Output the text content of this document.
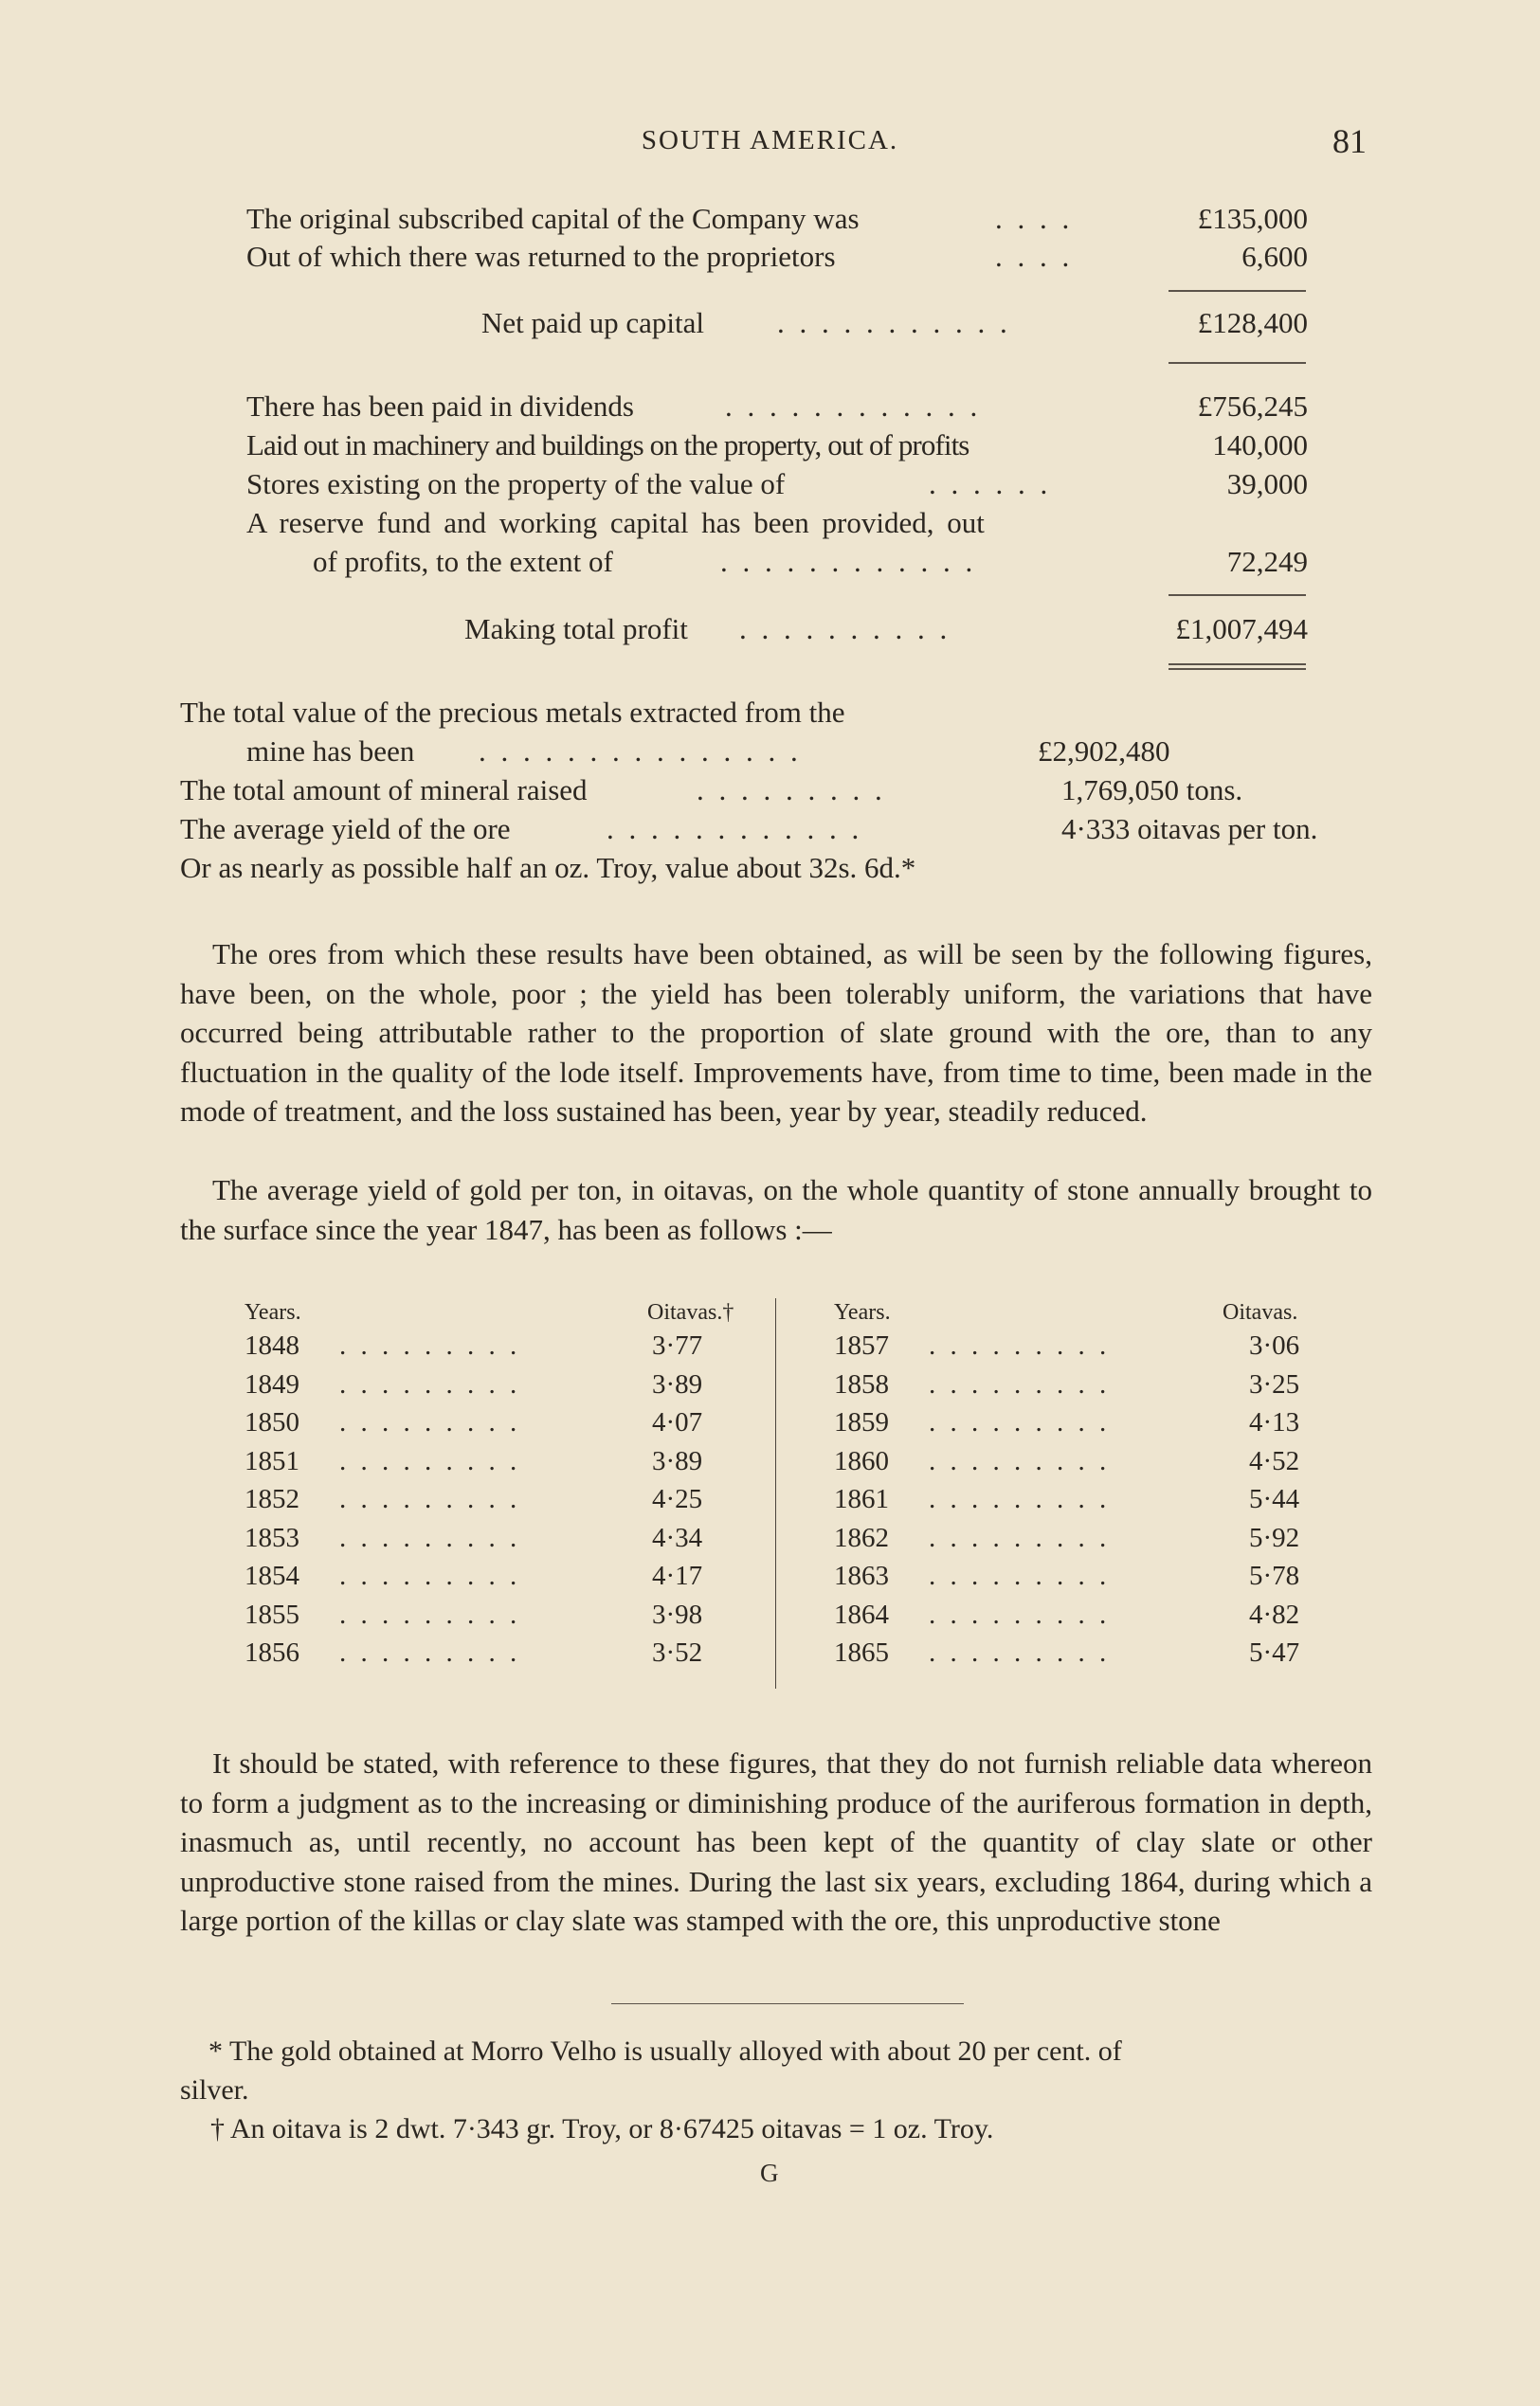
SOUTH AMERICA.	81
The original subscribed capital of the Company was	. . . .	£135,000
Out of which there was returned to the proprietors	. . . .	6,600
Net paid up capital . . . . . . . . . . .	£128,400
There has been paid in dividends	. . . . . . . . . . . .	£756,245
Laid out in machinery and buildings on the property, out of profits	140,000
Stores existing on the property of the value of	. . . . . .	39,000
A reserve fund and working capital has been provided, out
of profits, to the extent of	. . . . . . . . . . . .	72,249
Making total profit . . . . . . . . . .	£1,007,494
The total value of the precious metals extracted from the
mine has been . . . . . . . . . . . . . . .	£2,902,480
The total amount of mineral raised	. . . . . . . . .	1,769,050 tons.
The average yield of the ore	. . . . . . . . . . . .	4·333 oitavas per ton.
Or as nearly as possible half an oz. Troy, value about 32s. 6d.*
The ores from which these results have been obtained, as will be seen by the following figures, have been, on the whole, poor ; the yield has been tolerably uniform, the variations that have occurred being attributable rather to the proportion of slate ground with the ore, than to any fluctuation in the quality of the lode itself. Improvements have, from time to time, been made in the mode of treatment, and the loss sustained has been, year by year, steadily reduced.
The average yield of gold per ton, in oitavas, on the whole quantity of stone annually brought to the surface since the year 1847, has been as follows :—
Years.	Oitavas.†	Years.	Oitavas.
1848 . . . . . . . . .	3·77
1849 . . . . . . . . .	3·89
1850 . . . . . . . . .	4·07
1851 . . . . . . . . .	3·89
1852 . . . . . . . . .	4·25
1853 . . . . . . . . .	4·34
1854 . . . . . . . . .	4·17
1855 . . . . . . . . .	3·98
1856 . . . . . . . . .	3·52
1857 . . . . . . . . .	3·06
1858 . . . . . . . . .	3·25
1859 . . . . . . . . .	4·13
1860 . . . . . . . . .	4·52
1861 . . . . . . . . .	5·44
1862 . . . . . . . . .	5·92
1863 . . . . . . . . .	5·78
1864 . . . . . . . . .	4·82
1865 . . . . . . . . .	5·47
It should be stated, with reference to these figures, that they do not furnish reliable data whereon to form a judgment as to the increasing or diminishing produce of the auriferous formation in depth, inasmuch as, until recently, no account has been kept of the quantity of clay slate or other unproductive stone raised from the mines. During the last six years, excluding 1864, during which a large portion of the killas or clay slate was stamped with the ore, this unproductive stone
* The gold obtained at Morro Velho is usually alloyed with about 20 per cent. of
silver.
† An oitava is 2 dwt. 7·343 gr. Troy, or 8·67425 oitavas = 1 oz. Troy.
G
